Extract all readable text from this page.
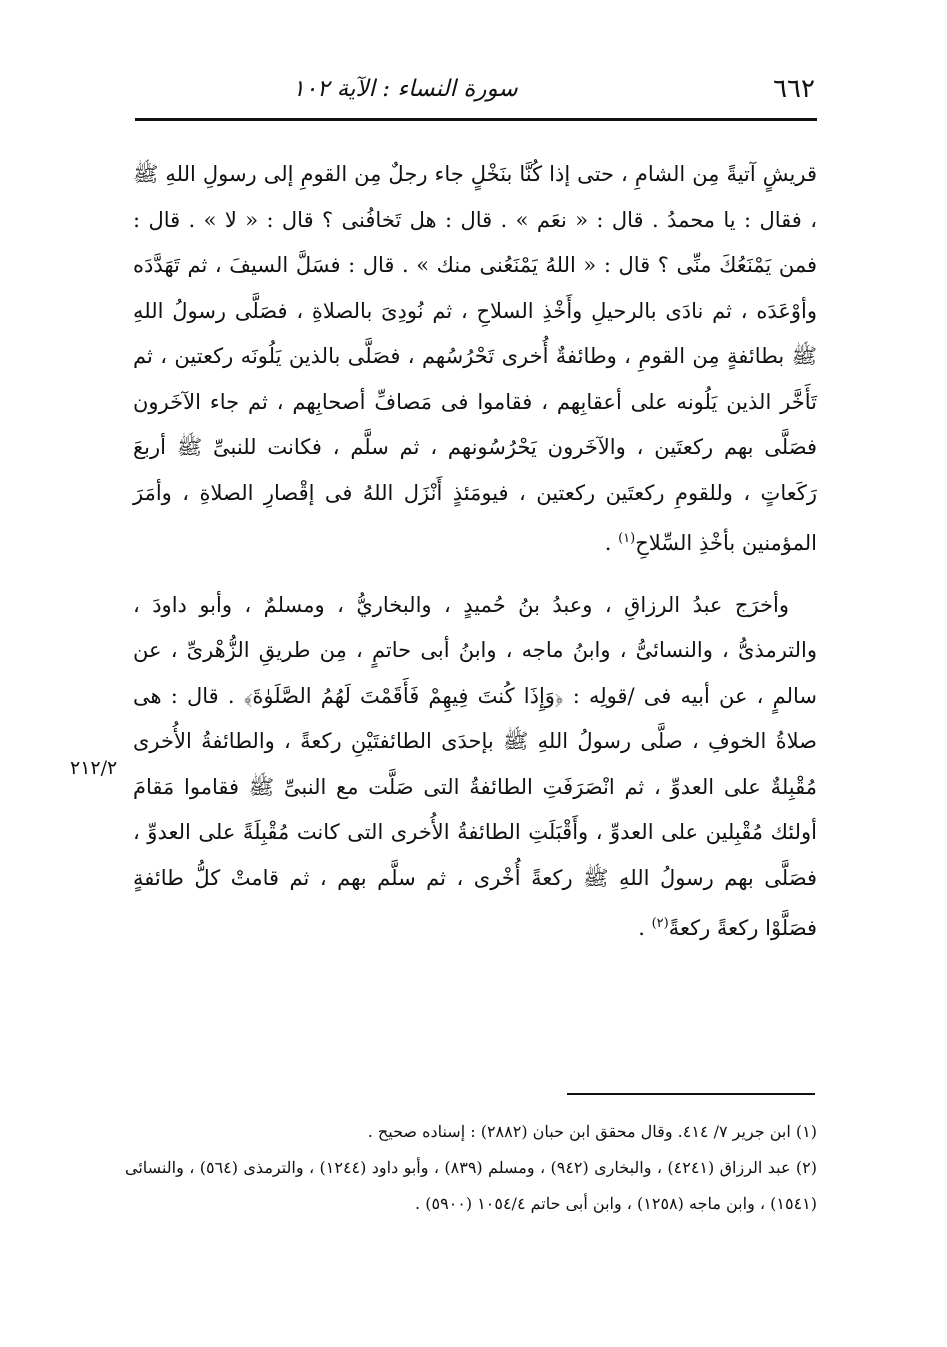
٦٦٢
سورة النساء : الآية ١٠٢

قريشٍ آتيةً مِن الشامِ ، حتى إذا كُنَّا بنَخْلٍ جاء رجلٌ مِن القومِ إلى رسولِ اللهِ ﷺ ، فقال : يا محمدُ . قال : « نعَم » . قال : هل تَخافُنى ؟ قال : « لا » . قال : فمن يَمْنَعُكَ منِّى ؟ قال : « اللهُ يَمْنَعُنى منك » . قال : فسَلَّ السيفَ ، ثم تَهَدَّدَه وأوْعَدَه ، ثم نادَى بالرحيلِ وأَخْذِ السلاحِ ، ثم نُودِىَ بالصلاةِ ، فصَلَّى رسولُ اللهِ ﷺ بطائفةٍ مِن القومِ ، وطائفةٌ أُخرى تَحْرُسُهم ، فصَلَّى بالذين يَلُونَه ركعتين ، ثم تَأَخَّر الذين يَلُونه على أعقابِهم ، فقاموا فى مَصافِّ أصحابِهم ، ثم جاء الآخَرون فصَلَّى بهم ركعتَين ، والآخَرون يَحْرُسُونهم ، ثم سلَّم ، فكانت للنبىِّ ﷺ أربعَ رَكَعاتٍ ، وللقومِ ركعتَين ركعتين ، فيومَئذٍ أَنْزَل اللهُ فى إقْصارِ الصلاةِ ، وأمَرَ المؤمنين بأخْذِ السِّلاحِ$^{(١)}$ .

وأخرَج عبدُ الرزاقِ ، وعبدُ بنُ حُميدٍ ، والبخاريُّ ، ومسلمٌ ، وأبو داودَ ، والترمذىُّ ، والنسائىُّ ، وابنُ ماجه ، وابنُ أبى حاتمٍ ، مِن طريقِ الزُّهْرىِّ ، عن سالمٍ ، عن أبيه فى /قولِه : ﴿وَإِذَا كُنتَ فِيهِمْ فَأَقَمْتَ لَهُمُ الصَّلَوٰةَ﴾ . قال : هى صلاةُ الخوفِ ، صلَّى رسولُ اللهِ ﷺ بإحدَى الطائفتَيْنِ ركعةً ، والطائفةُ الأُخرى مُقْبِلةٌ على العدوِّ ، ثم انْصَرَفَتِ الطائفةُ التى صَلَّت مع النبىِّ ﷺ فقاموا مَقامَ أولئك مُقْبِلين على العدوِّ ، وأَقْبَلَتِ الطائفةُ الأُخرى التى كانت مُقْبِلَةً على العدوِّ ، فصَلَّى بهم رسولُ اللهِ ﷺ ركعةً أُخْرى ، ثم سلَّم بهم ، ثم قامتْ كلُّ طائفةٍ فصَلَّوْا ركعةً ركعةً$^{(٢)}$ .

٢١٢/٢

(١) ابن جرير ٧/ ٤١٤. وقال محقق ابن حبان (٢٨٨٢) : إسناده صحيح .

(٢) عبد الرزاق (٤٢٤١) ، والبخارى (٩٤٢) ، ومسلم (٨٣٩) ، وأبو داود (١٢٤٤) ، والترمذى (٥٦٤) ، والنسائى (١٥٤١) ، وابن ماجه (١٢٥٨) ، وابن أبى حاتم ١٠٥٤/٤ (٥٩٠٠) .
